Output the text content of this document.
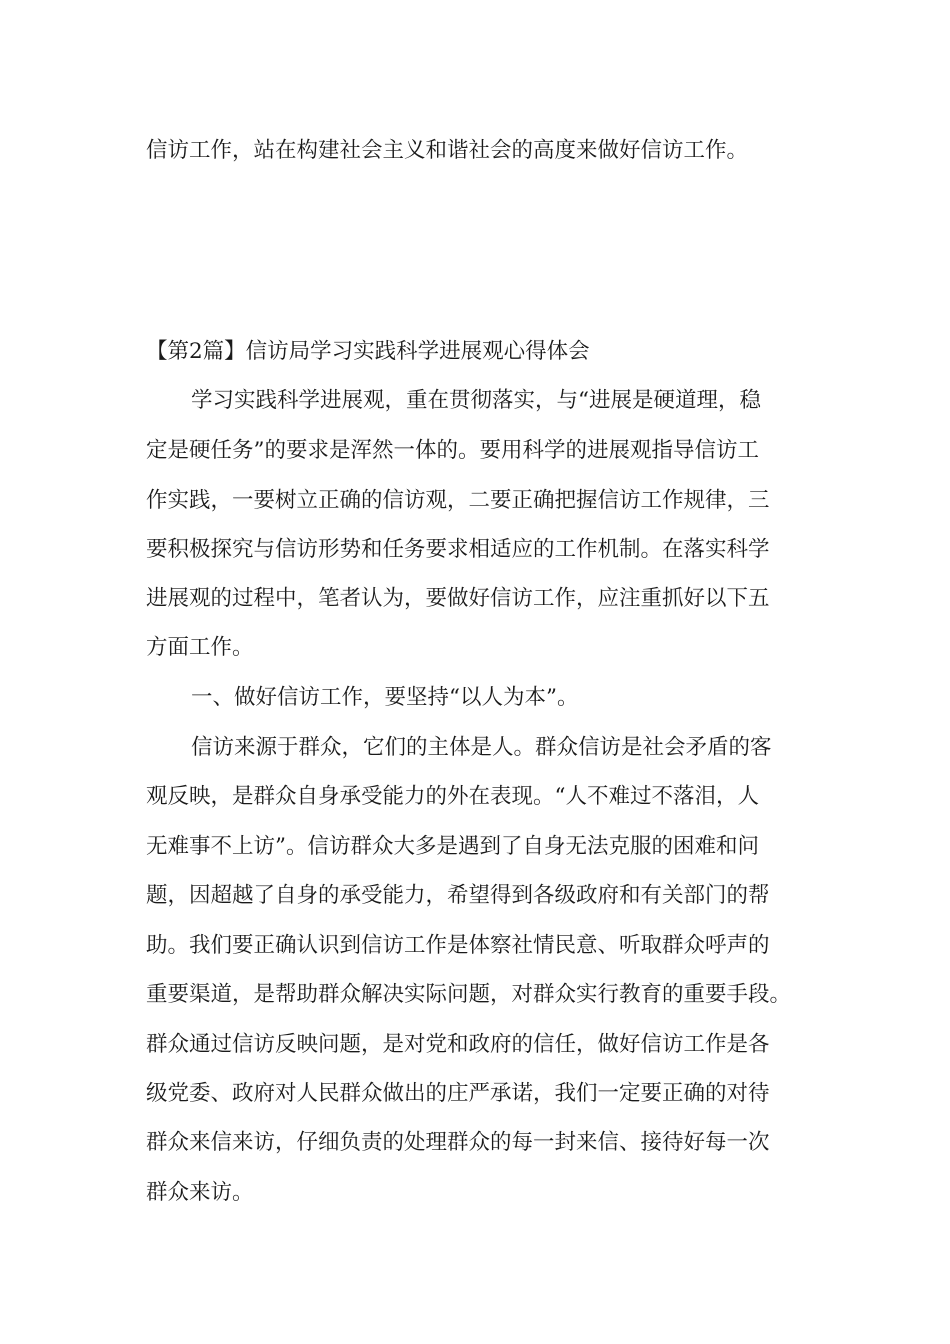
信访工作，站在构建社会主义和谐社会的高度来做好信访工作。
【第2篇】信访局学习实践科学进展观心得体会
学习实践科学进展观，重在贯彻落实，与“进展是硬道理，稳
定是硬任务”的要求是浑然一体的。要用科学的进展观指导信访工
作实践，一要树立正确的信访观，二要正确把握信访工作规律，三
要积极探究与信访形势和任务要求相适应的工作机制。在落实科学
进展观的过程中，笔者认为，要做好信访工作，应注重抓好以下五
方面工作。
一、做好信访工作，要坚持“以人为本”。
信访来源于群众，它们的主体是人。群众信访是社会矛盾的客
观反映，是群众自身承受能力的外在表现。“人不难过不落泪，人
无难事不上访”。信访群众大多是遇到了自身无法克服的困难和问
题，因超越了自身的承受能力，希望得到各级政府和有关部门的帮
助。我们要正确认识到信访工作是体察社情民意、听取群众呼声的
重要渠道，是帮助群众解决实际问题，对群众实行教育的重要手段。
群众通过信访反映问题，是对党和政府的信任，做好信访工作是各
级党委、政府对人民群众做出的庄严承诺，我们一定要正确的对待
群众来信来访，仔细负责的处理群众的每一封来信、接待好每一次
群众来访。
